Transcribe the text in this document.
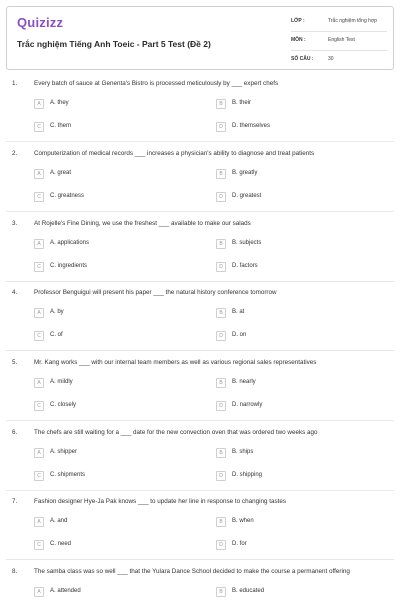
Quizizz
Trắc nghiệm Tiếng Anh Toeic - Part 5 Test (Đề 2)
LỚP :	Trắc nghiệm tổng hợp
MÔN :	English Test
SỐ CÂU :	30
1.	Every batch of sauce at Genenta's Bistro is processed meticulously by ___ expert chefs
A	A. they	B	B. their
C	C. them	D	D. themselves
2.	Computerization of medical records ___ increases a physician's ability to diagnose and treat patients
A	A. great	B	B. greatly
C	C. greatness	D	D. greatest
3.	At Rojelle's Fine Dining, we use the freshest ___ available to make our salads
A	A. applications	B	B. subjects
C	C. ingredients	D	D. factors
4.	Professor Benguigui will present his paper ___ the natural history conference tomorrow
A	A. by	B	B. at
C	C. of	D	D. on
5.	Mr. Kang works ___ with our internal team members as well as various regional sales representatives
A	A. mildly	B	B. nearly
C	C. closely	D	D. narrowly
6.	The chefs are still waiting for a ___ date for the new convection oven that was ordered two weeks ago
A	A. shipper	B	B. ships
C	C. shipments	D	D. shipping
7.	Fashion designer Hye-Ja Pak knows ___ to update her line in response to changing tastes
A	A. and	B	B. when
C	C. need	D	D. for
8.	The samba class was so well ___ that the Yulara Dance School decided to make the course a permanent offering
A	A. attended	B	B. educated
